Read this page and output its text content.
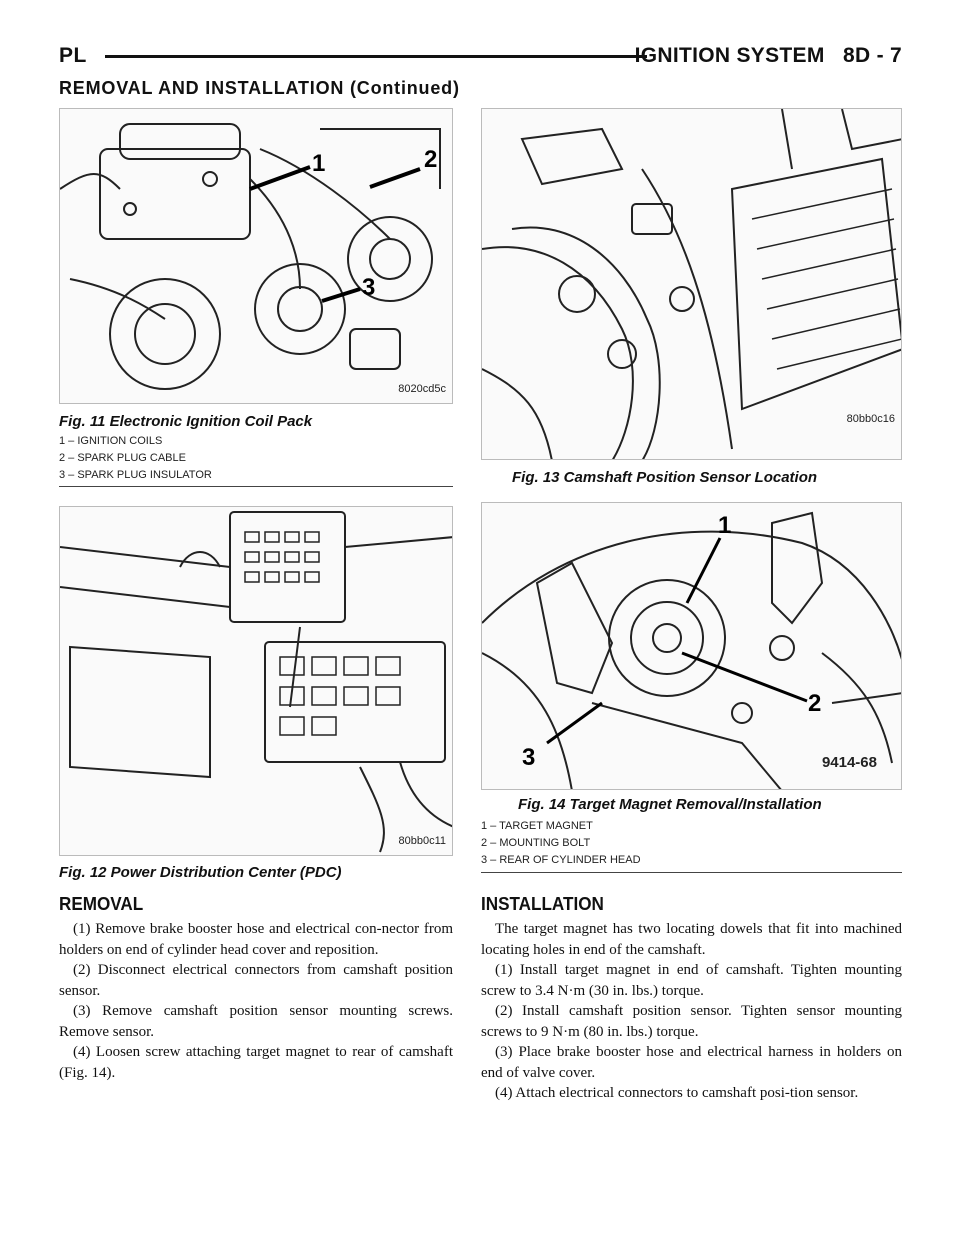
PL	IGNITION SYSTEM   8D - 7
REMOVAL AND INSTALLATION (Continued)
1	2
3
8020cd5c
Fig. 11 Electronic Ignition Coil Pack
1 – IGNITION COILS
2 – SPARK PLUG CABLE
3 – SPARK PLUG INSULATOR
80bb0c11
Fig. 12 Power Distribution Center (PDC)
80bb0c16
Fig. 13 Camshaft Position Sensor Location
1
2
3	9414-68
Fig. 14 Target Magnet Removal/Installation
1 – TARGET MAGNET
2 – MOUNTING BOLT
3 – REAR OF CYLINDER HEAD
REMOVAL

(1) Remove brake booster hose and electrical con-nector from holders on end of cylinder head cover and reposition.

(2) Disconnect electrical connectors from camshaft position sensor.

(3) Remove camshaft position sensor mounting screws. Remove sensor.

(4) Loosen screw attaching target magnet to rear of camshaft (Fig. 14).

INSTALLATION

The target magnet has two locating dowels that fit into machined locating holes in end of the camshaft.

(1) Install target magnet in end of camshaft. Tighten mounting screw to 3.4 N·m (30 in. lbs.) torque.

(2) Install camshaft position sensor. Tighten sensor mounting screws to 9 N·m (80 in. lbs.) torque.

(3) Place brake booster hose and electrical harness in holders on end of valve cover.

(4) Attach electrical connectors to camshaft posi-tion sensor.
